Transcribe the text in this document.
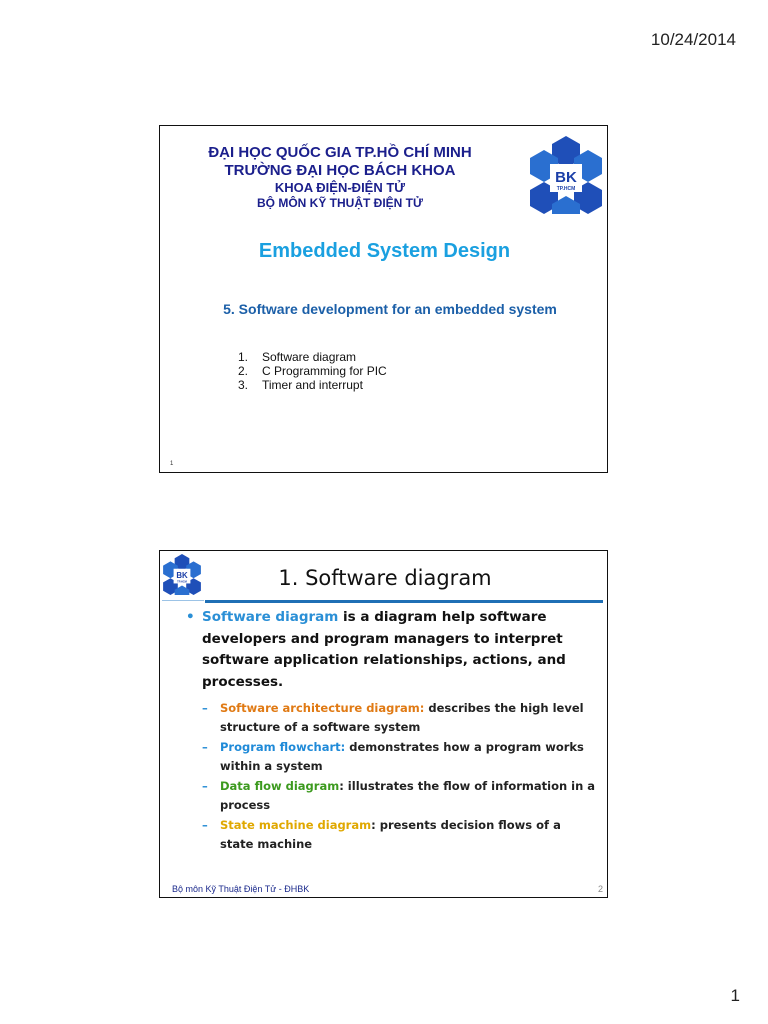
10/24/2014
ĐẠI HỌC QUỐC GIA TP.HỒ CHÍ MINH
TRƯỜNG ĐẠI HỌC BÁCH KHOA
KHOA ĐIỆN-ĐIỆN TỬ
BỘ MÔN KỸ THUẬT ĐIỆN TỬ
BK
TP.HCM
Embedded System Design
5. Software development for an embedded system
1.	Software diagram
2.	C Programming for PIC
3.	Timer and interrupt
1
BK
TP.HCM	1. Software diagram
• Software diagram is a diagram help software developers and program managers to interpret software application relationships, actions, and processes.
–	Software architecture diagram: describes the high level structure of a software system
–	Program flowchart: demonstrates how a program works within a system
–	Data flow diagram: illustrates the flow of information in a process
–	State machine diagram: presents decision flows of a state machine
Bộ môn Kỹ Thuật Điện Tử - ĐHBK	2
1
